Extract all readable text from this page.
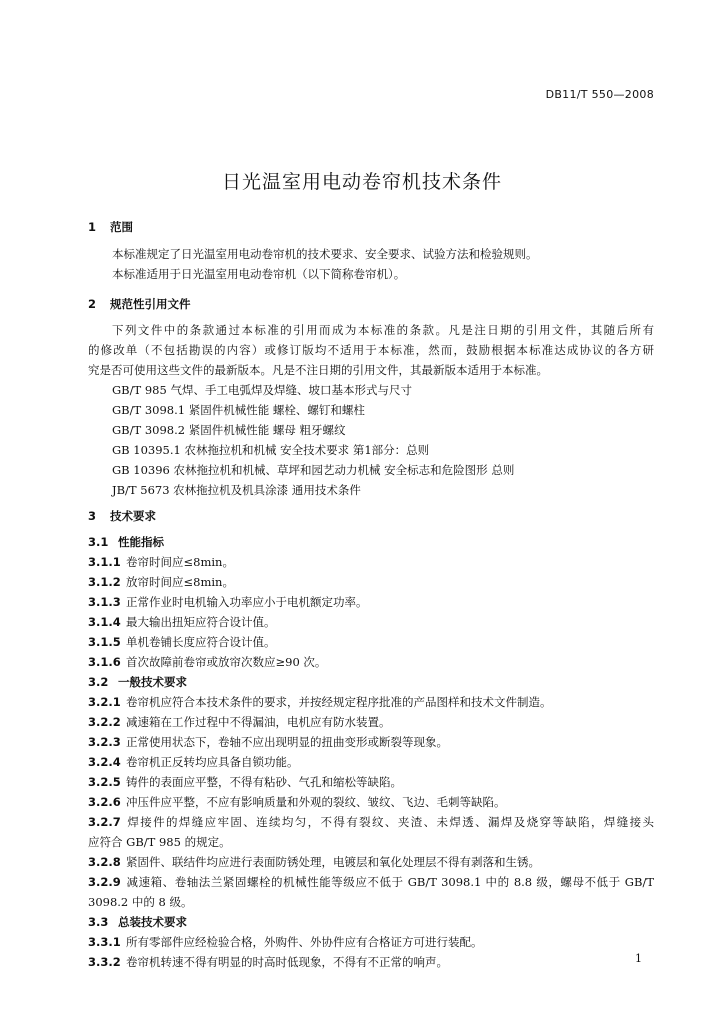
DB11/T 550—2008
日光温室用电动卷帘机技术条件
1 范围
本标准规定了日光温室用电动卷帘机的技术要求、安全要求、试验方法和检验规则。
本标准适用于日光温室用电动卷帘机（以下简称卷帘机）。
2 规范性引用文件
下列文件中的条款通过本标准的引用而成为本标准的条款。凡是注日期的引用文件，其随后所有
的修改单（不包括勘误的内容）或修订版均不适用于本标准，然而，鼓励根据本标准达成协议的各方研
究是否可使用这些文件的最新版本。凡是不注日期的引用文件，其最新版本适用于本标准。
GB/T 985 气焊、手工电弧焊及焊缝、坡口基本形式与尺寸
GB/T 3098.1 紧固件机械性能 螺栓、螺钉和螺柱
GB/T 3098.2 紧固件机械性能 螺母 粗牙螺纹
GB 10395.1 农林拖拉机和机械 安全技术要求 第1部分：总则
GB 10396 农林拖拉机和机械、草坪和园艺动力机械 安全标志和危险图形 总则
JB/T 5673 农林拖拉机及机具涂漆 通用技术条件
3 技术要求
3.1 性能指标
3.1.1 卷帘时间应≤8min。
3.1.2 放帘时间应≤8min。
3.1.3 正常作业时电机输入功率应小于电机额定功率。
3.1.4 最大输出扭矩应符合设计值。
3.1.5 单机卷铺长度应符合设计值。
3.1.6 首次故障前卷帘或放帘次数应≥90 次。
3.2 一般技术要求
3.2.1 卷帘机应符合本技术条件的要求，并按经规定程序批准的产品图样和技术文件制造。
3.2.2 减速箱在工作过程中不得漏油，电机应有防水装置。
3.2.3 正常使用状态下，卷轴不应出现明显的扭曲变形或断裂等现象。
3.2.4 卷帘机正反转均应具备自锁功能。
3.2.5 铸件的表面应平整，不得有粘砂、气孔和缩松等缺陷。
3.2.6 冲压件应平整，不应有影响质量和外观的裂纹、皱纹、飞边、毛刺等缺陷。
3.2.7 焊接件的焊缝应牢固、连续均匀，不得有裂纹、夹渣、未焊透、漏焊及烧穿等缺陷，焊缝接头
应符合 GB/T 985 的规定。
3.2.8 紧固件、联结件均应进行表面防锈处理，电镀层和氧化处理层不得有剥落和生锈。
3.2.9 减速箱、卷轴法兰紧固螺栓的机械性能等级应不低于 GB/T 3098.1 中的 8.8 级，螺母不低于 GB/T
3098.2 中的 8 级。
3.3 总装技术要求
3.3.1 所有零部件应经检验合格，外购件、外协件应有合格证方可进行装配。
3.3.2 卷帘机转速不得有明显的时高时低现象，不得有不正常的响声。	1
